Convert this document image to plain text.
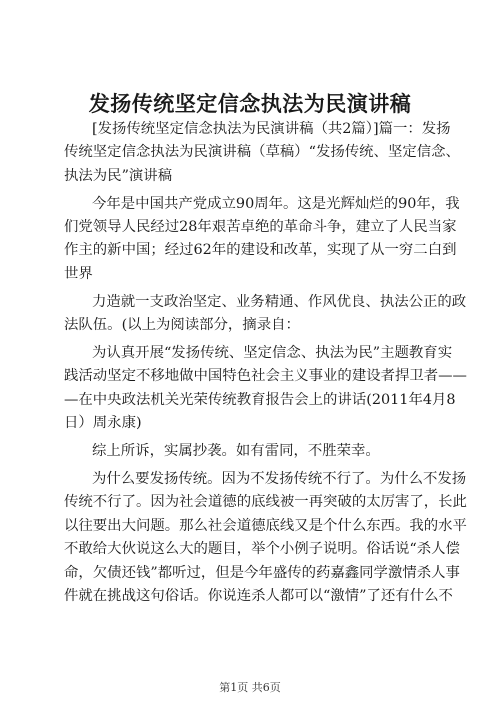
发扬传统坚定信念执法为民演讲稿
[发扬传统坚定信念执法为民演讲稿（共2篇）]篇一：发扬
传统坚定信念执法为民演讲稿（草稿）“发扬传统、坚定信念、
执法为民”演讲稿
今年是中国共产党成立90周年。这是光辉灿烂的90年，我
们党领导人民经过28年艰苦卓绝的革命斗争，建立了人民当家
作主的新中国；经过62年的建设和改革，实现了从一穷二白到
世界
力造就一支政治坚定、业务精通、作风优良、执法公正的政
法队伍。(以上为阅读部分，摘录自：
为认真开展“发扬传统、坚定信念、执法为民”主题教育实
践活动坚定不移地做中国特色社会主义事业的建设者捍卫者——
—在中央政法机关光荣传统教育报告会上的讲话(2011年4月8
日）周永康)
综上所诉，实属抄袭。如有雷同，不胜荣幸。
为什么要发扬传统。因为不发扬传统不行了。为什么不发扬
传统不行了。因为社会道德的底线被一再突破的太厉害了，长此
以往要出大问题。那么社会道德底线又是个什么东西。我的水平
不敢给大伙说这么大的题目，举个小例子说明。俗话说“杀人偿
命，欠债还钱”都听过，但是今年盛传的药嘉鑫同学激情杀人事
件就在挑战这句俗话。你说连杀人都可以“激情”了还有什么不
第1页 共6页
